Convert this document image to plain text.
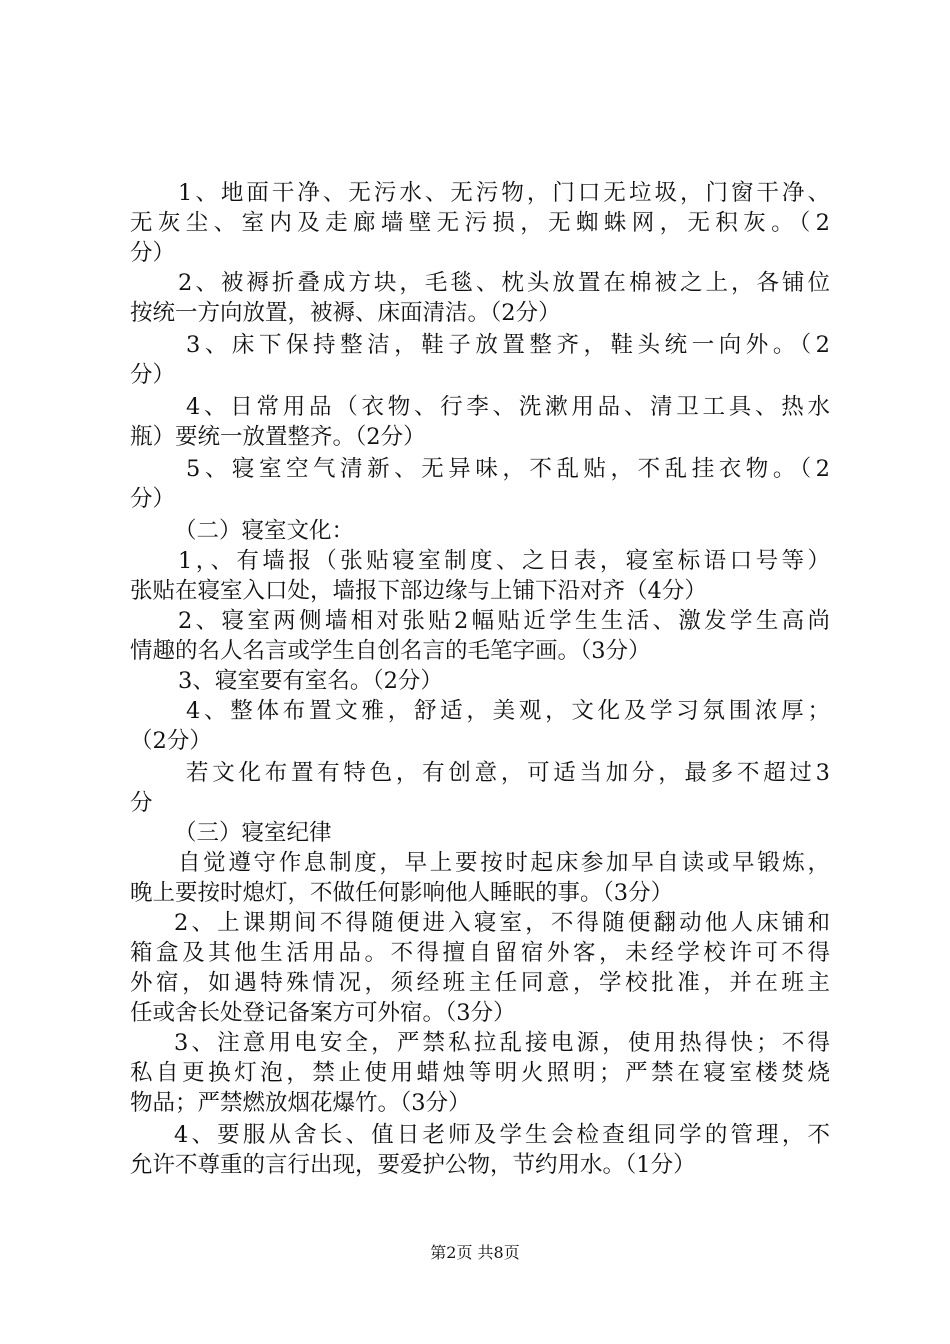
1、地面干净、无污水、无污物，门口无垃圾，门窗干净、
无灰尘、室内及走廊墙壁无污损，无蜘蛛网，无积灰。（2
分）
2、被褥折叠成方块，毛毯、枕头放置在棉被之上，各铺位
按统一方向放置，被褥、床面清洁。（2分）
3、床下保持整洁，鞋子放置整齐，鞋头统一向外。（2
分）
4、日常用品（衣物、行李、洗漱用品、清卫工具、热水
瓶）要统一放置整齐。（2分）
5、寝室空气清新、无异味，不乱贴，不乱挂衣物。（2
分）
（二）寝室文化：
1，、有墙报（张贴寝室制度、之日表，寝室标语口号等）
张贴在寝室入口处，墙报下部边缘与上铺下沿对齐（4分）
2、寝室两侧墙相对张贴2幅贴近学生生活、激发学生高尚
情趣的名人名言或学生自创名言的毛笔字画。（3分）
3、寝室要有室名。（2分）
4、整体布置文雅，舒适，美观，文化及学习氛围浓厚；
（2分）
若文化布置有特色，有创意，可适当加分，最多不超过3
分
（三）寝室纪律
自觉遵守作息制度，早上要按时起床参加早自读或早锻炼，
晚上要按时熄灯，不做任何影响他人睡眠的事。（3分）
2、上课期间不得随便进入寝室，不得随便翻动他人床铺和
箱盒及其他生活用品。不得擅自留宿外客，未经学校许可不得
外宿，如遇特殊情况，须经班主任同意，学校批准，并在班主
任或舍长处登记备案方可外宿。（3分）
3、注意用电安全，严禁私拉乱接电源，使用热得快；不得
私自更换灯泡，禁止使用蜡烛等明火照明；严禁在寝室楼焚烧
物品；严禁燃放烟花爆竹。（3分）
4、要服从舍长、值日老师及学生会检查组同学的管理，不
允许不尊重的言行出现，要爱护公物，节约用水。（1分）
第2页 共8页
